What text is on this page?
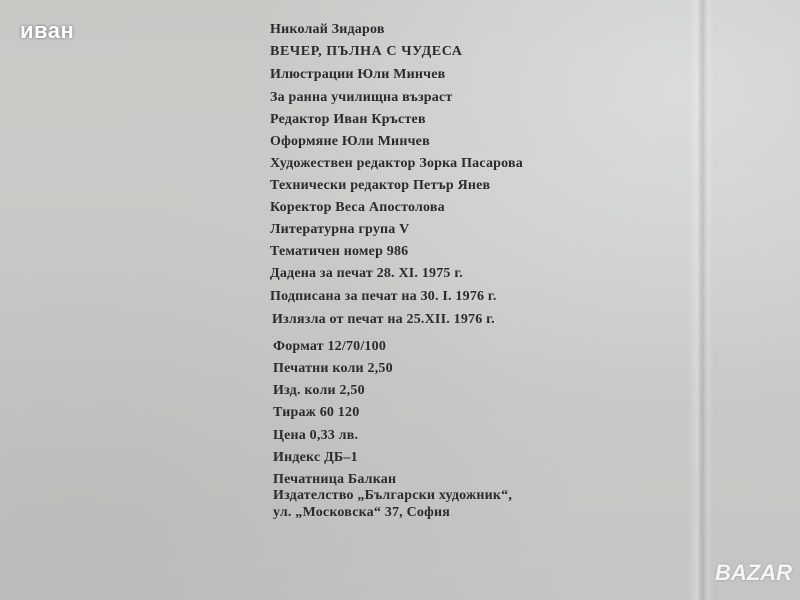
иван
BAZAR
Николай Зидаров
ВЕЧЕР, ПЪЛНА С ЧУДЕСА
Илюстрации Юли Минчев
За ранна училищна възраст
Редактор Иван Кръстев
Оформяне Юли Минчев
Художествен редактор Зорка Пасарова
Технически редактор Петър Янев
Коректор Веса Апостолова
Литературна група V
Тематичен номер 986
Дадена за печат 28. XI. 1975 г.
Подписана за печат на 30. I. 1976 г.
Излязла от печат на 25.XII. 1976 г.
Формат 12/70/100
Печатни коли 2,50
Изд. коли 2,50
Тираж 60 120
Цена 0,33 лв.
Индекс ДБ–1
Печатница Балкан
Издателство „Български художник“,
ул. „Московска“ 37, София
